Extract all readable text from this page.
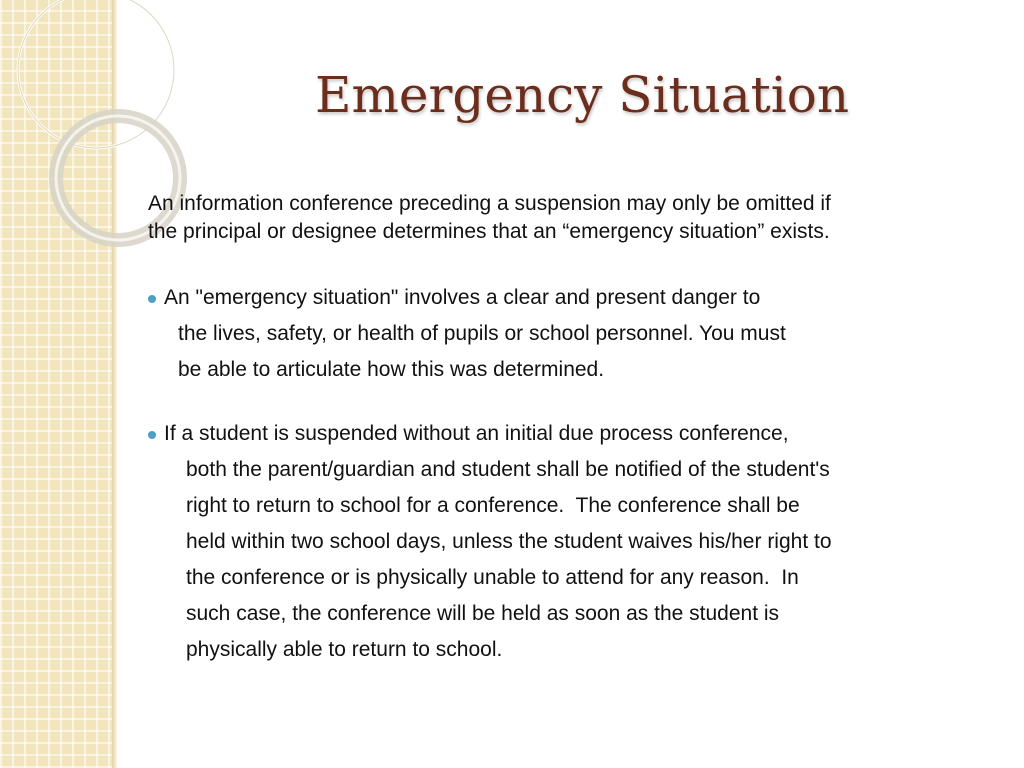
Emergency Situation

An information conference preceding a suspension may only be omitted if
the principal or designee determines that an “emergency situation” exists.

An "emergency situation" involves a clear and present danger to
the lives, safety, or health of pupils or school personnel. You must
be able to articulate how this was determined.
If a student is suspended without an initial due process conference,
both the parent/guardian and student shall be notified of the student's
right to return to school for a conference.  The conference shall be
held within two school days, unless the student waives his/her right to
the conference or is physically unable to attend for any reason.  In
such case, the conference will be held as soon as the student is
physically able to return to school.
